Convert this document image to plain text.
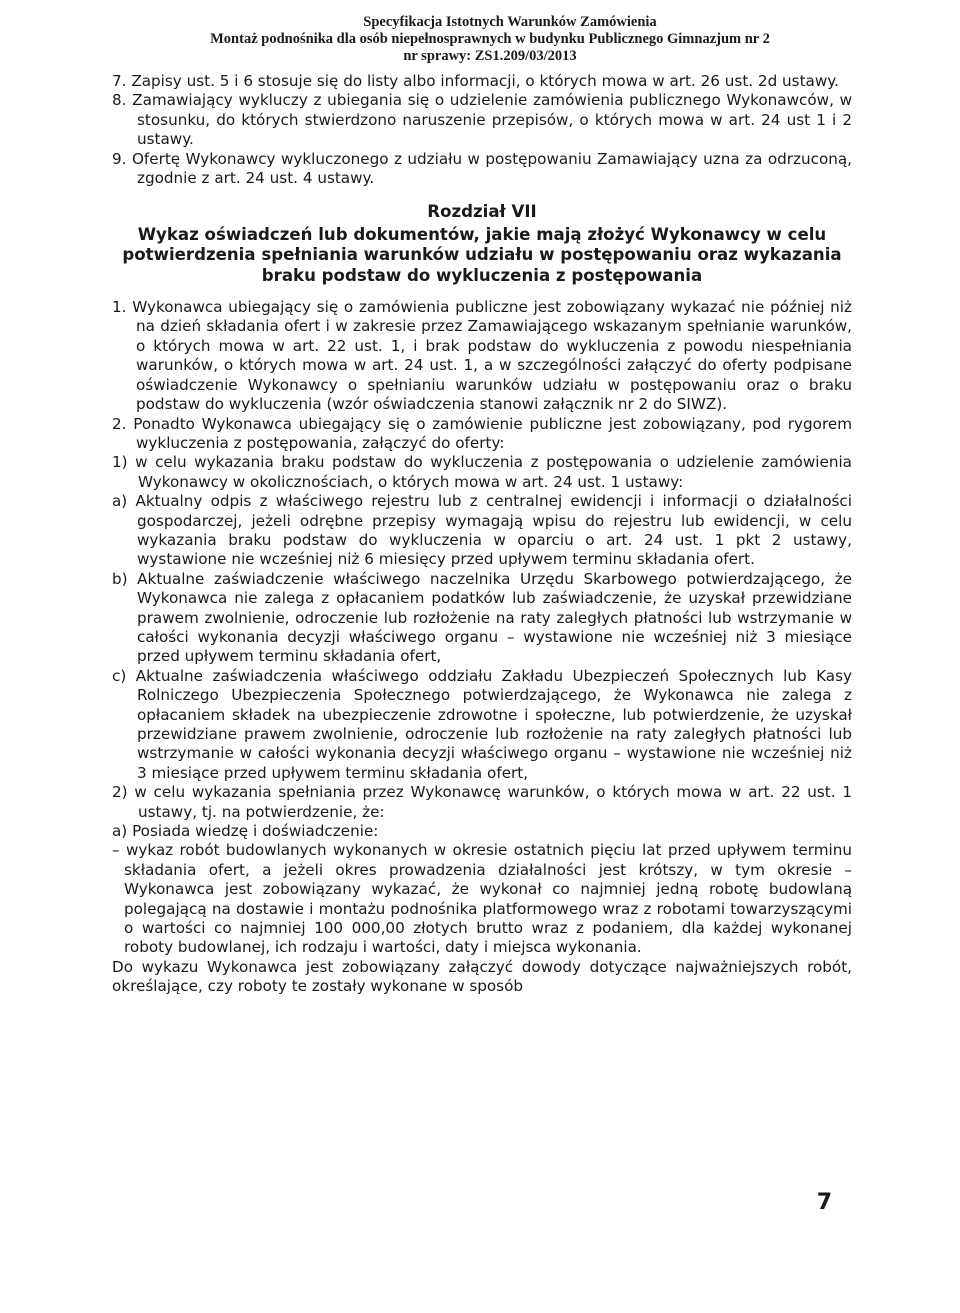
Specyfikacja Istotnych Warunków Zamówienia
Montaż podnośnika dla osób niepełnosprawnych w budynku Publicznego Gimnazjum nr 2
nr sprawy: ZS1.209/03/2013

7. Zapisy ust. 5 i 6 stosuje się do listy albo informacji, o których mowa w art. 26 ust. 2d ustawy.

8. Zamawiający wykluczy z ubiegania się o udzielenie zamówienia publicznego Wykonawców, w stosunku, do których stwierdzono naruszenie przepisów, o których mowa w art. 24 ust 1 i 2 ustawy.

9. Ofertę Wykonawcy wykluczonego z udziału w postępowaniu Zamawiający uzna za odrzuconą, zgodnie z art. 24 ust. 4 ustawy.

Rozdział VII
Wykaz oświadczeń lub dokumentów, jakie mają złożyć Wykonawcy w celu potwierdzenia spełniania warunków udziału w postępowaniu oraz wykazania braku podstaw do wykluczenia z postępowania

1. Wykonawca ubiegający się o zamówienia publiczne jest zobowiązany wykazać nie później niż na dzień składania ofert i w zakresie przez Zamawiającego wskazanym spełnianie warunków, o których mowa w art. 22 ust. 1, i brak podstaw do wykluczenia z powodu niespełniania warunków, o których mowa w art. 24 ust. 1, a w szczególności załączyć do oferty podpisane oświadczenie Wykonawcy o spełnianiu warunków udziału w postępowaniu oraz o braku podstaw do wykluczenia (wzór oświadczenia stanowi załącznik nr 2 do SIWZ).

2. Ponadto Wykonawca ubiegający się o zamówienie publiczne jest zobowiązany, pod rygorem wykluczenia z postępowania, załączyć do oferty:

1) w celu wykazania braku podstaw do wykluczenia z postępowania o udzielenie zamówienia Wykonawcy w okolicznościach, o których mowa w art. 24 ust. 1 ustawy:

a) Aktualny odpis z właściwego rejestru lub z centralnej ewidencji i informacji o działalności gospodarczej, jeżeli odrębne przepisy wymagają wpisu do rejestru lub ewidencji, w celu wykazania braku podstaw do wykluczenia w oparciu o art. 24 ust. 1 pkt 2 ustawy, wystawione nie wcześniej niż 6 miesięcy przed upływem terminu składania ofert.

b) Aktualne zaświadczenie właściwego naczelnika Urzędu Skarbowego potwierdzającego, że Wykonawca nie zalega z opłacaniem podatków lub zaświadczenie, że uzyskał przewidziane prawem zwolnienie, odroczenie lub rozłożenie na raty zaległych płatności lub wstrzymanie w całości wykonania decyzji właściwego organu – wystawione nie wcześniej niż 3 miesiące przed upływem terminu składania ofert,

c) Aktualne zaświadczenia właściwego oddziału Zakładu Ubezpieczeń Społecznych lub Kasy Rolniczego Ubezpieczenia Społecznego potwierdzającego, że Wykonawca nie zalega z opłacaniem składek na ubezpieczenie zdrowotne i społeczne, lub potwierdzenie, że uzyskał przewidziane prawem zwolnienie, odroczenie lub rozłożenie na raty zaległych płatności lub wstrzymanie w całości wykonania decyzji właściwego organu – wystawione nie wcześniej niż 3 miesiące przed upływem terminu składania ofert,

2) w celu wykazania spełniania przez Wykonawcę warunków, o których mowa w art. 22 ust. 1 ustawy, tj. na potwierdzenie, że:

a) Posiada wiedzę i doświadczenie:

– wykaz robót budowlanych wykonanych w okresie ostatnich pięciu lat przed upływem terminu składania ofert, a jeżeli okres prowadzenia działalności jest krótszy, w tym okresie – Wykonawca jest zobowiązany wykazać, że wykonał co najmniej jedną robotę budowlaną polegającą na dostawie i montażu podnośnika platformowego wraz z robotami towarzyszącymi o wartości co najmniej 100 000,00 złotych brutto wraz z podaniem, dla każdej wykonanej roboty budowlanej, ich rodzaju i wartości, daty i miejsca wykonania.

Do wykazu Wykonawca jest zobowiązany załączyć dowody dotyczące najważniejszych robót, określające, czy roboty te zostały wykonane w sposób

7
